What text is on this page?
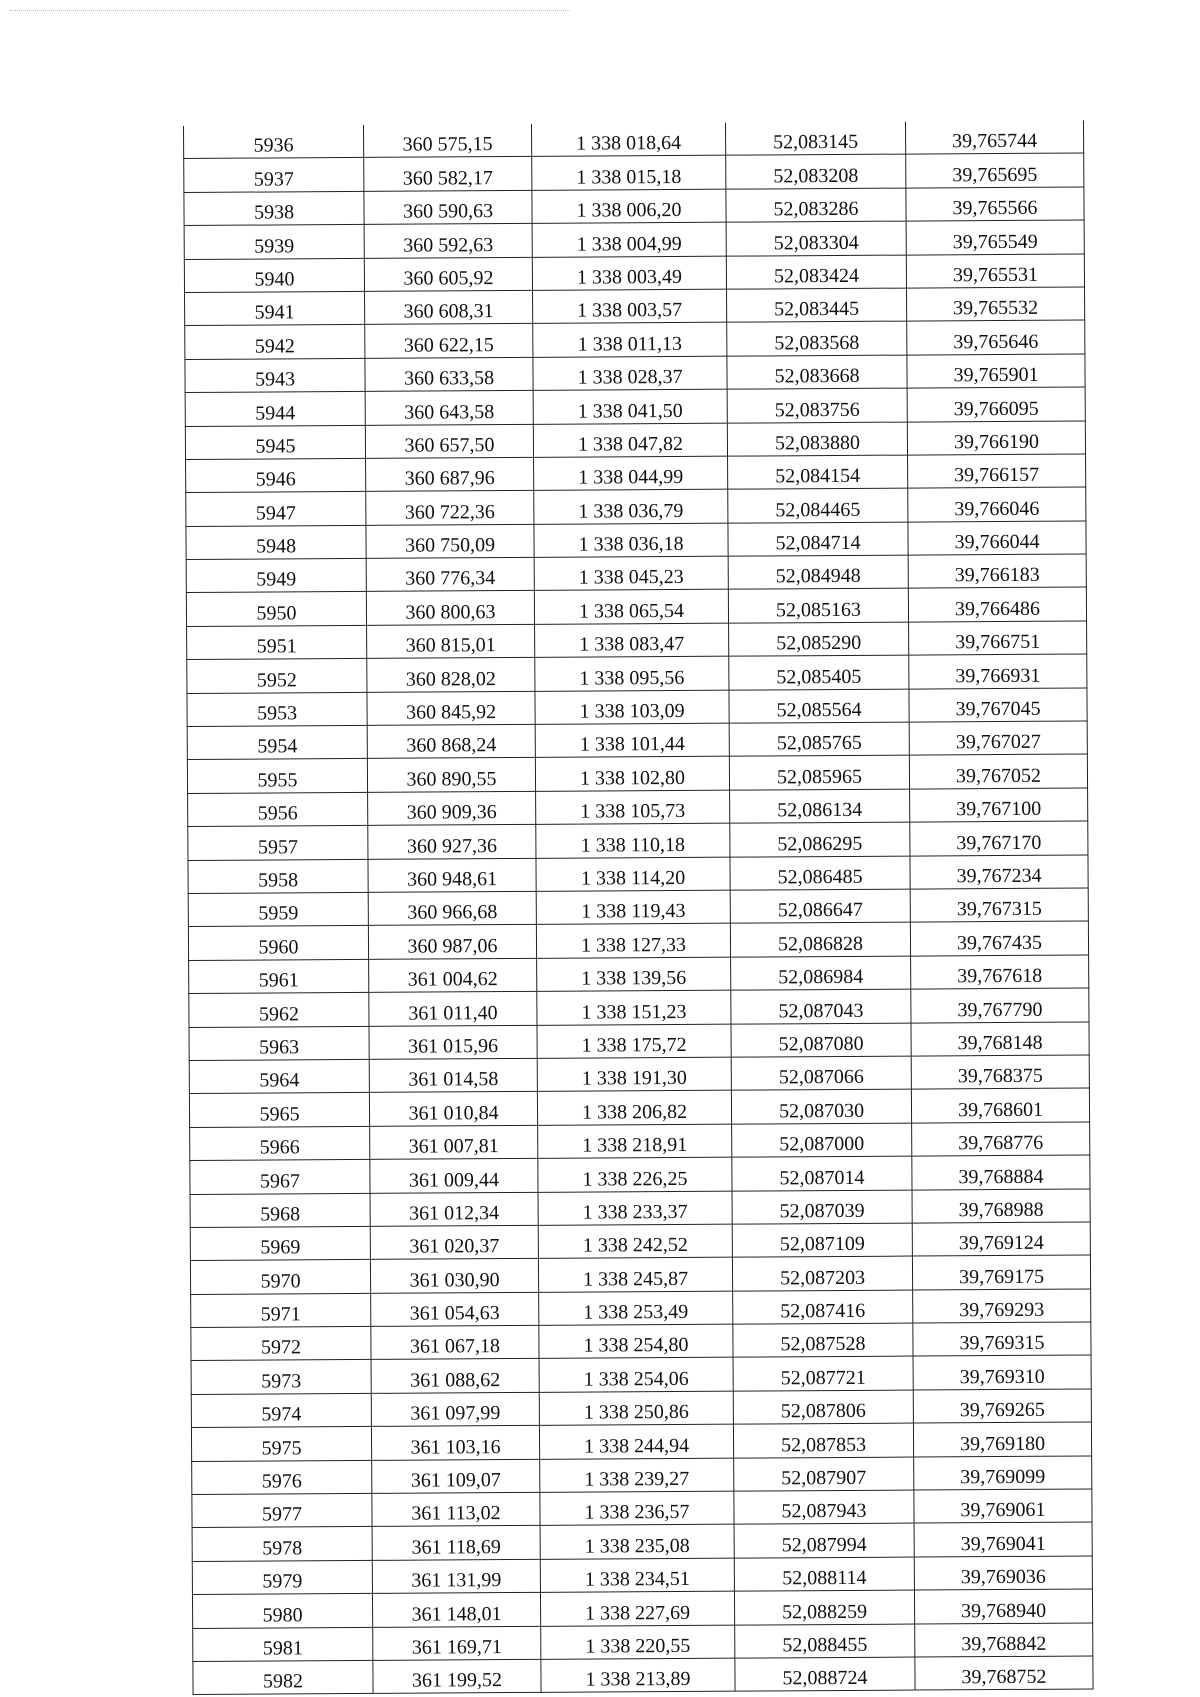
5936	360 575,15	1 338 018,64	52,083145	39,765744
5937	360 582,17	1 338 015,18	52,083208	39,765695
5938	360 590,63	1 338 006,20	52,083286	39,765566
5939	360 592,63	1 338 004,99	52,083304	39,765549
5940	360 605,92	1 338 003,49	52,083424	39,765531
5941	360 608,31	1 338 003,57	52,083445	39,765532
5942	360 622,15	1 338 011,13	52,083568	39,765646
5943	360 633,58	1 338 028,37	52,083668	39,765901
5944	360 643,58	1 338 041,50	52,083756	39,766095
5945	360 657,50	1 338 047,82	52,083880	39,766190
5946	360 687,96	1 338 044,99	52,084154	39,766157
5947	360 722,36	1 338 036,79	52,084465	39,766046
5948	360 750,09	1 338 036,18	52,084714	39,766044
5949	360 776,34	1 338 045,23	52,084948	39,766183
5950	360 800,63	1 338 065,54	52,085163	39,766486
5951	360 815,01	1 338 083,47	52,085290	39,766751
5952	360 828,02	1 338 095,56	52,085405	39,766931
5953	360 845,92	1 338 103,09	52,085564	39,767045
5954	360 868,24	1 338 101,44	52,085765	39,767027
5955	360 890,55	1 338 102,80	52,085965	39,767052
5956	360 909,36	1 338 105,73	52,086134	39,767100
5957	360 927,36	1 338 110,18	52,086295	39,767170
5958	360 948,61	1 338 114,20	52,086485	39,767234
5959	360 966,68	1 338 119,43	52,086647	39,767315
5960	360 987,06	1 338 127,33	52,086828	39,767435
5961	361 004,62	1 338 139,56	52,086984	39,767618
5962	361 011,40	1 338 151,23	52,087043	39,767790
5963	361 015,96	1 338 175,72	52,087080	39,768148
5964	361 014,58	1 338 191,30	52,087066	39,768375
5965	361 010,84	1 338 206,82	52,087030	39,768601
5966	361 007,81	1 338 218,91	52,087000	39,768776
5967	361 009,44	1 338 226,25	52,087014	39,768884
5968	361 012,34	1 338 233,37	52,087039	39,768988
5969	361 020,37	1 338 242,52	52,087109	39,769124
5970	361 030,90	1 338 245,87	52,087203	39,769175
5971	361 054,63	1 338 253,49	52,087416	39,769293
5972	361 067,18	1 338 254,80	52,087528	39,769315
5973	361 088,62	1 338 254,06	52,087721	39,769310
5974	361 097,99	1 338 250,86	52,087806	39,769265
5975	361 103,16	1 338 244,94	52,087853	39,769180
5976	361 109,07	1 338 239,27	52,087907	39,769099
5977	361 113,02	1 338 236,57	52,087943	39,769061
5978	361 118,69	1 338 235,08	52,087994	39,769041
5979	361 131,99	1 338 234,51	52,088114	39,769036
5980	361 148,01	1 338 227,69	52,088259	39,768940
5981	361 169,71	1 338 220,55	52,088455	39,768842
5982	361 199,52	1 338 213,89	52,088724	39,768752
